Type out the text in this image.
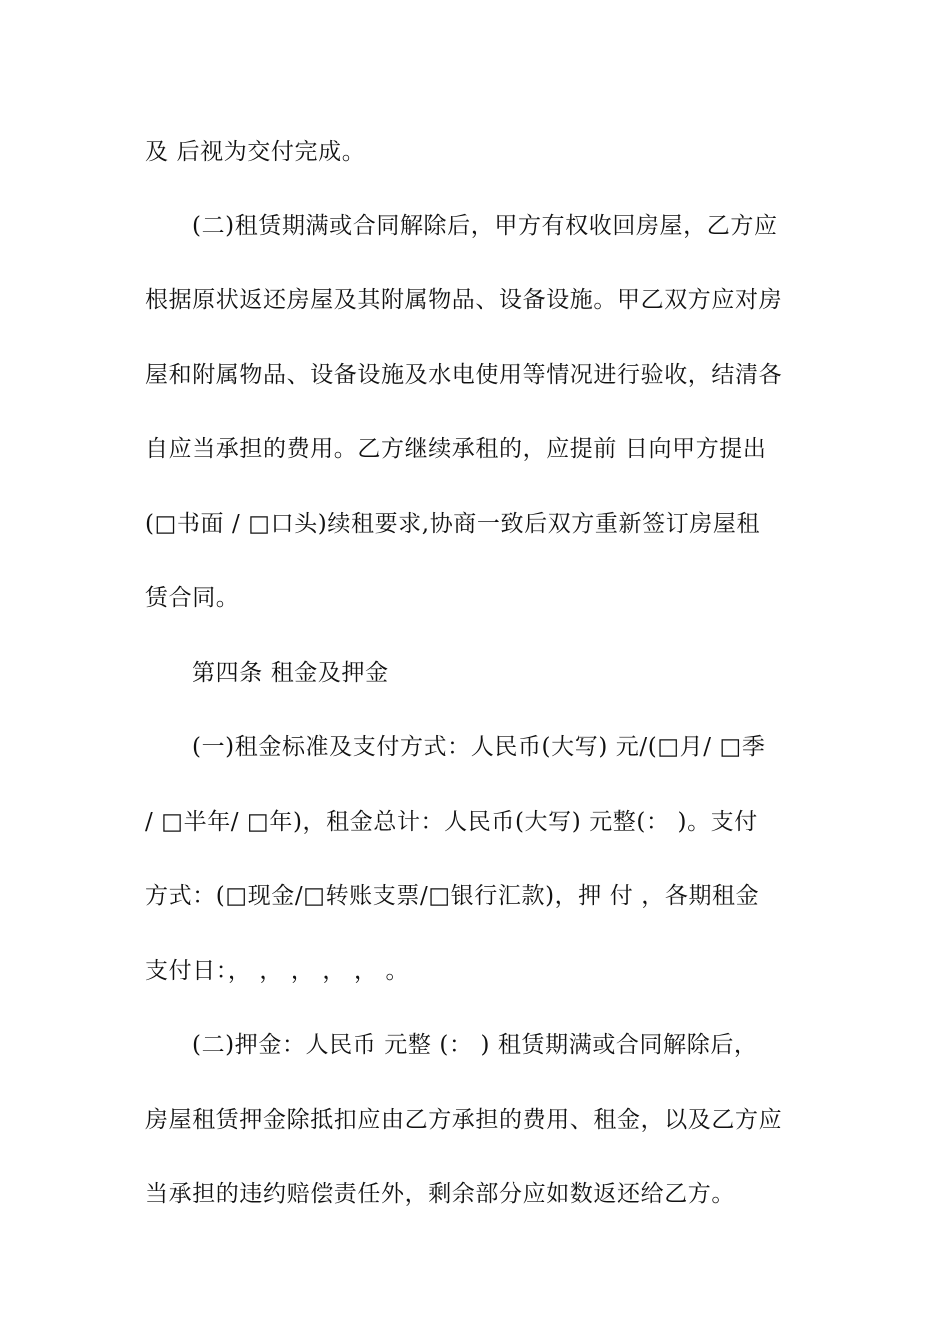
及 后视为交付完成。
(二)租赁期满或合同解除后，甲方有权收回房屋，乙方应
根据原状返还房屋及其附属物品、设备设施。甲乙双方应对房
屋和附属物品、设备设施及水电使用等情况进行验收，结清各
自应当承担的费用。乙方继续承租的，应提前 日向甲方提出
(□书面 / □口头)续租要求,协商一致后双方重新签订房屋租
赁合同。
第四条 租金及押金
(一)租金标准及支付方式：人民币(大写) 元/(□月/ □季
/ □半年/ □年)，租金总计：人民币(大写) 元整(： )。支付
方式：(□现金/□转账支票/□银行汇款)，押 付 ，各期租金
支付日：， ， ， ， ， 。
(二)押金：人民币 元整 (： ) 租赁期满或合同解除后，
房屋租赁押金除抵扣应由乙方承担的费用、租金，以及乙方应
当承担的违约赔偿责任外，剩余部分应如数返还给乙方。
